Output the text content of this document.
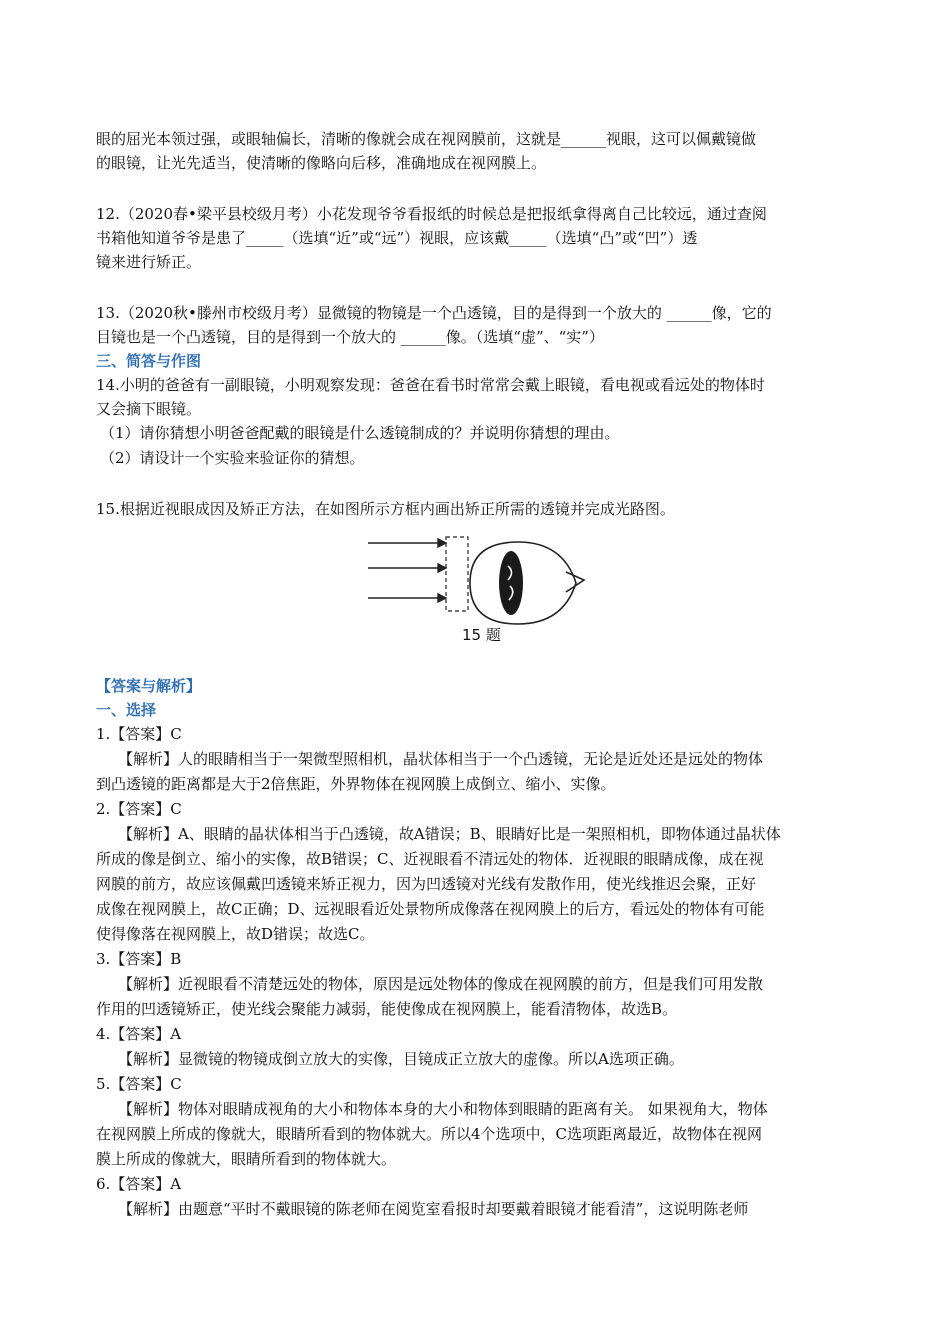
眼的屈光本领过强，或眼轴偏长，清晰的像就会成在视网膜前，这就是______视眼，这可以佩戴镜做
的眼镜，让光先适当，使清晰的像略向后移，准确地成在视网膜上。
12.（2020春•梁平县校级月考）小花发现爷爷看报纸的时候总是把报纸拿得离自己比较远，通过查阅
书箱他知道爷爷是患了_____（选填“近”或“远”）视眼，应该戴_____（选填“凸”或“凹”）透
镜来进行矫正。
13.（2020秋•滕州市校级月考）显微镜的物镜是一个凸透镜，目的是得到一个放大的 ______像，它的
目镜也是一个凸透镜，目的是得到一个放大的 ______像。（选填“虚”、“实”）
三、简答与作图
14.小明的爸爸有一副眼镜，小明观察发现：爸爸在看书时常常会戴上眼镜，看电视或看远处的物体时
又会摘下眼镜。
（1）请你猜想小明爸爸配戴的眼镜是什么透镜制成的？并说明你猜想的理由。
（2）请设计一个实验来验证你的猜想。
15.根据近视眼成因及矫正方法，在如图所示方框内画出矫正所需的透镜并完成光路图。
15 题
【答案与解析】
一、选择
1.【答案】C
【解析】人的眼睛相当于一架微型照相机，晶状体相当于一个凸透镜，无论是近处还是远处的物体
到凸透镜的距离都是大于2倍焦距，外界物体在视网膜上成倒立、缩小、实像。
2.【答案】C
【解析】A、眼睛的晶状体相当于凸透镜，故A错误；B、眼睛好比是一架照相机，即物体通过晶状体
所成的像是倒立、缩小的实像，故B错误；C、近视眼看不清远处的物体．近视眼的眼睛成像，成在视
网膜的前方，故应该佩戴凹透镜来矫正视力，因为凹透镜对光线有发散作用，使光线推迟会聚，正好
成像在视网膜上，故C正确；D、远视眼看近处景物所成像落在视网膜上的后方，看远处的物体有可能
使得像落在视网膜上，故D错误；故选C。
3.【答案】B
【解析】近视眼看不清楚远处的物体，原因是远处物体的像成在视网膜的前方，但是我们可用发散
作用的凹透镜矫正，使光线会聚能力减弱，能使像成在视网膜上，能看清物体，故选B。
4.【答案】A
【解析】显微镜的物镜成倒立放大的实像，目镜成正立放大的虚像。所以A选项正确。
5.【答案】C
【解析】物体对眼睛成视角的大小和物体本身的大小和物体到眼睛的距离有关。 如果视角大，物体
在视网膜上所成的像就大，眼睛所看到的物体就大。所以4个选项中，C选项距离最近，故物体在视网
膜上所成的像就大，眼睛所看到的物体就大。
6.【答案】A
【解析】由题意“平时不戴眼镜的陈老师在阅览室看报时却要戴着眼镜才能看清”，这说明陈老师
